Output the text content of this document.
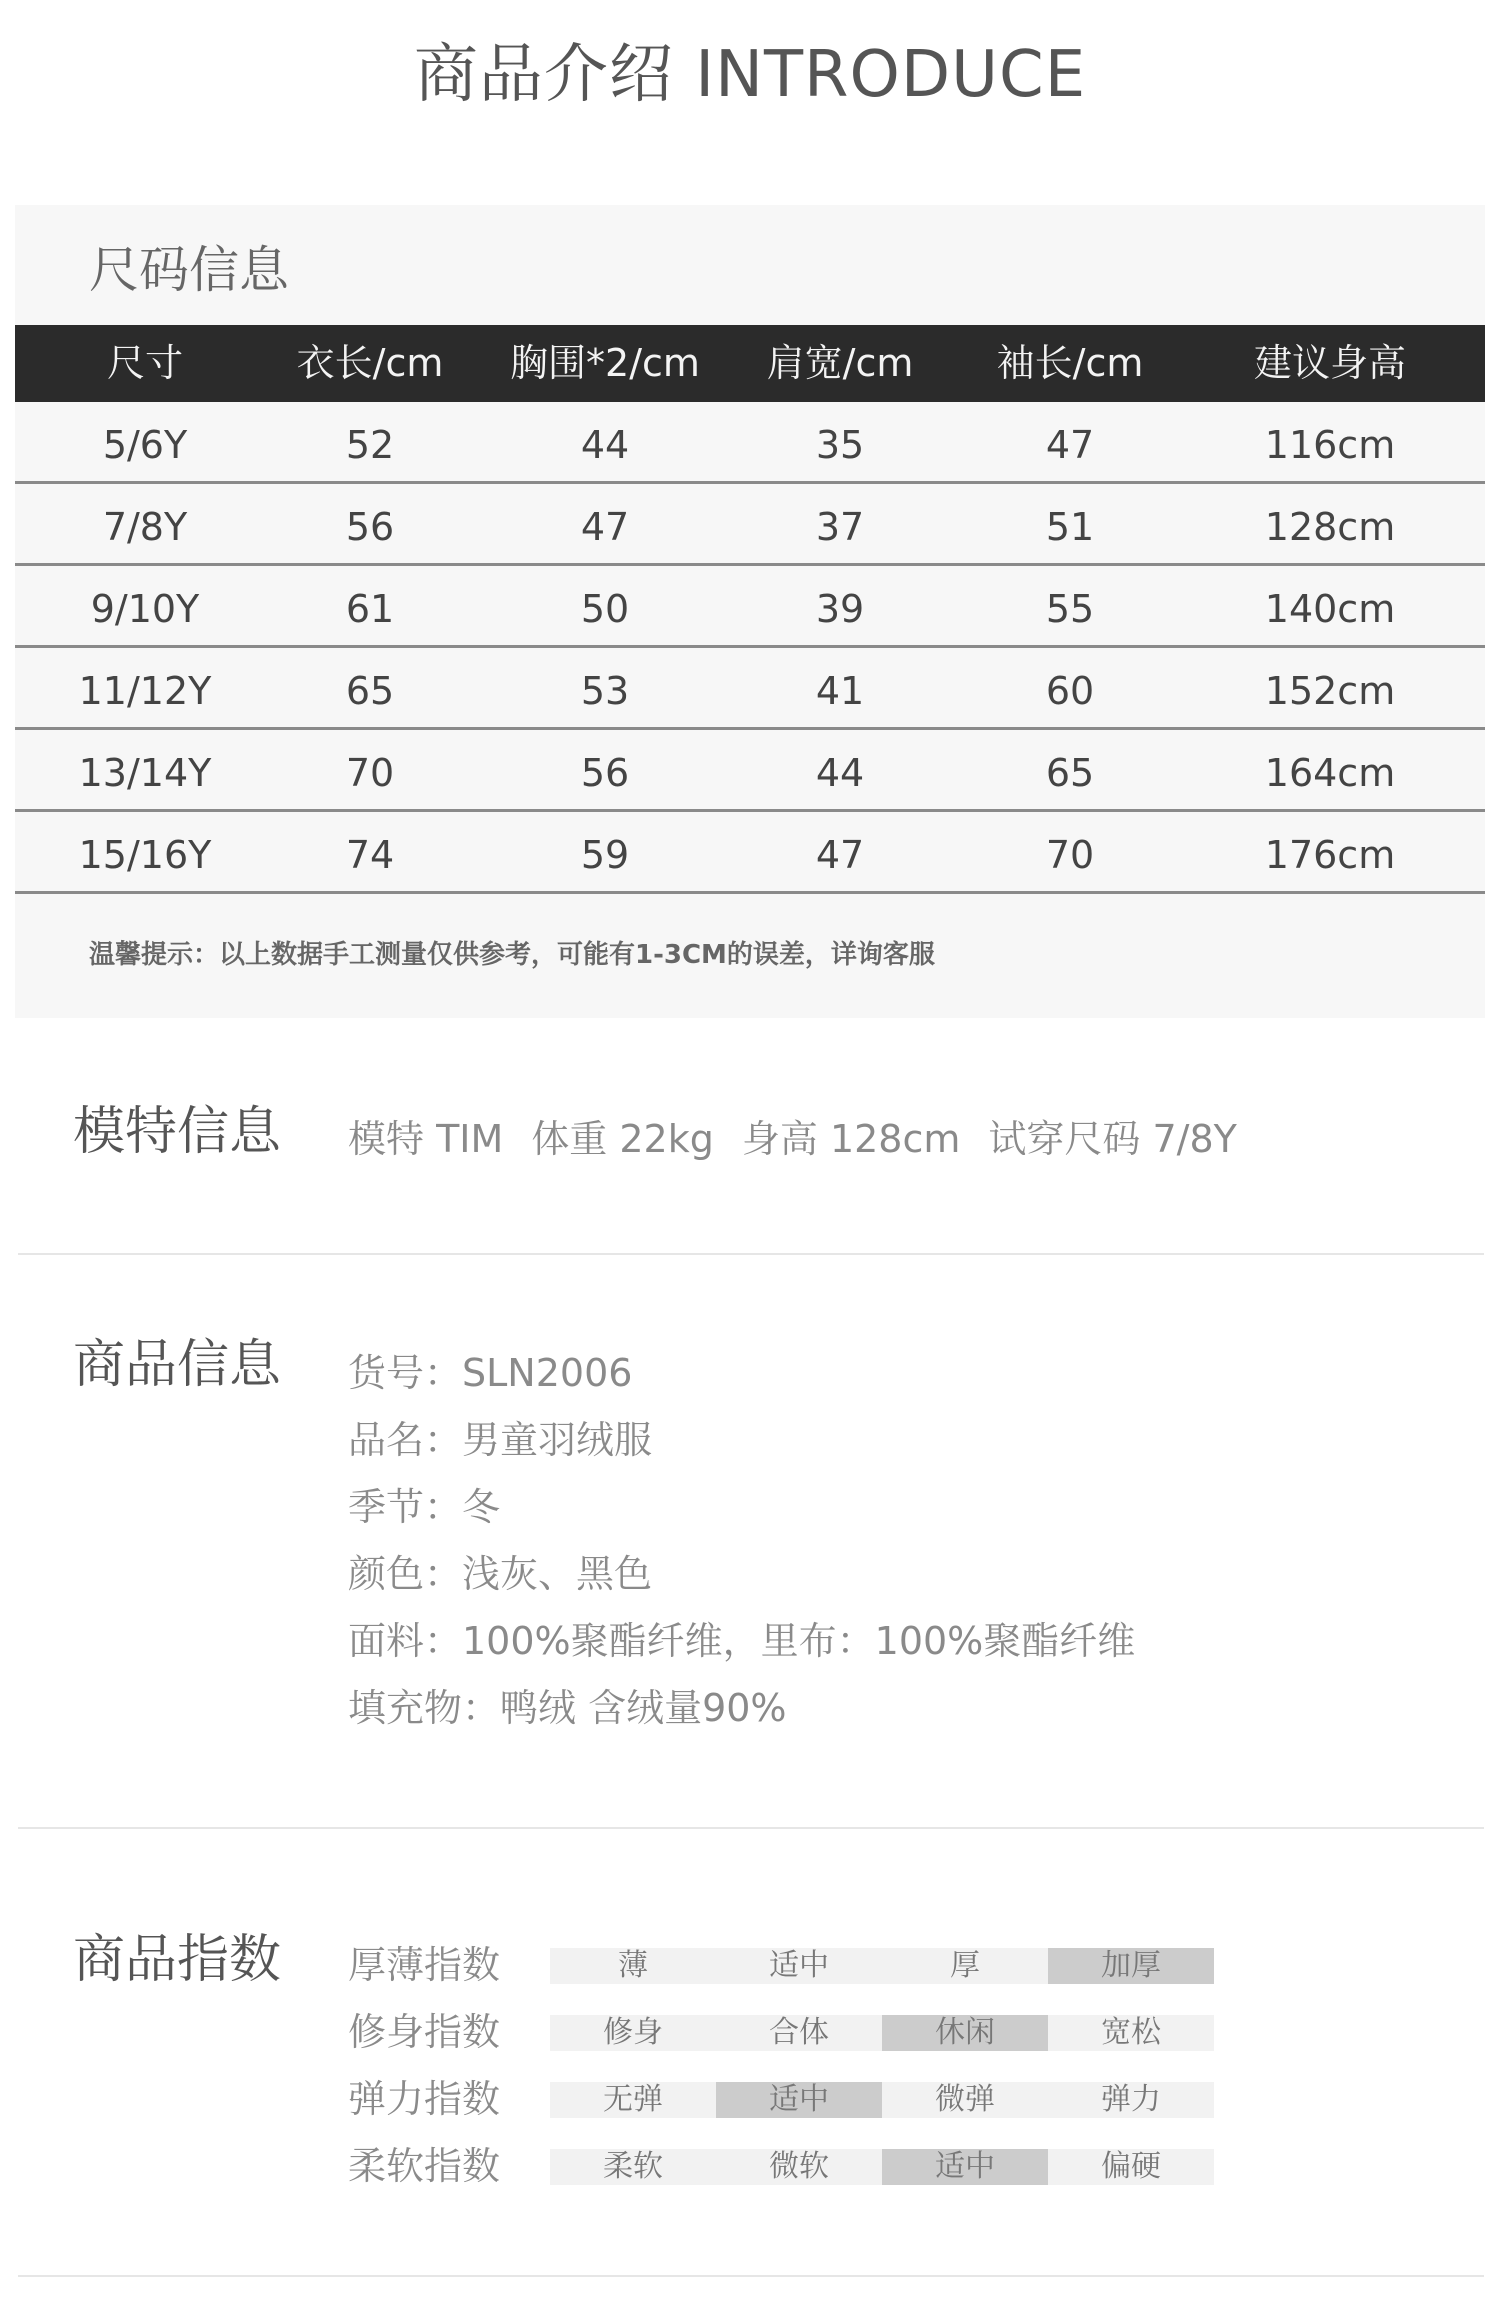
商品介绍 INTRODUCE
尺码信息
尺寸	衣长/cm	胸围*2/cm	肩宽/cm	袖长/cm	建议身高
5/6Y	52	44	35	47	116cm
7/8Y	56	47	37	51	128cm
9/10Y	61	50	39	55	140cm
11/12Y	65	53	41	60	152cm
13/14Y	70	56	44	65	164cm
15/16Y	74	59	47	70	176cm
温馨提示：以上数据手工测量仅供参考，可能有1-3CM的误差，详询客服
模特信息 模特 TIM 体重 22kg 身高 128cm 试穿尺码 7/8Y
商品信息 货号：SLN2006
品名：男童羽绒服
季节：冬
颜色：浅灰、黑色
面料：100%聚酯纤维，里布：100%聚酯纤维
填充物：鸭绒 含绒量90%
商品指数 厚薄指数	薄	适中	厚	加厚
修身指数	修身	合体	休闲	宽松
弹力指数	无弹	适中	微弹	弹力
柔软指数	柔软	微软	适中	偏硬
